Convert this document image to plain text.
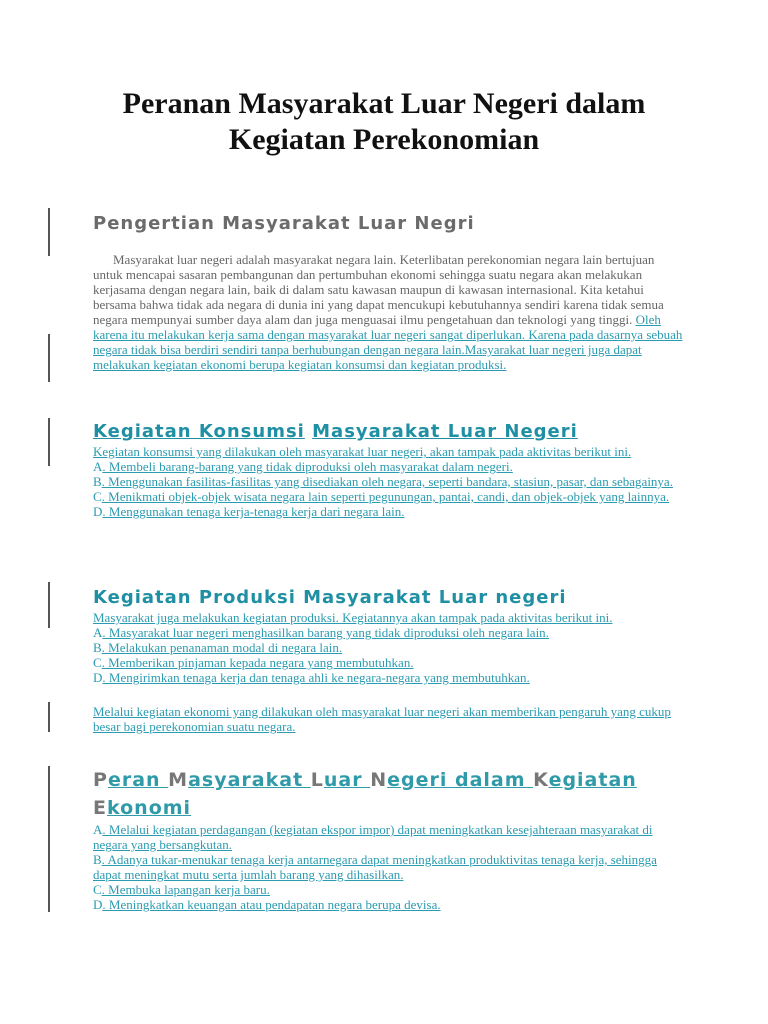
Peranan Masyarakat Luar Negeri dalam
Kegiatan Perekonomian
Pengertian Masyarakat Luar Negri

Masyarakat luar negeri adalah masyarakat negara lain. Keterlibatan perekonomian negara lain bertujuan untuk mencapai sasaran pembangunan dan pertumbuhan ekonomi sehingga suatu negara akan melakukan kerjasama dengan negara lain, baik di dalam satu kawasan maupun di kawasan internasional. Kita ketahui bersama bahwa tidak ada negara di dunia ini yang dapat mencukupi kebutuhannya sendiri karena tidak semua negara mempunyai sumber daya alam dan juga menguasai ilmu pengetahuan dan teknologi yang tinggi. Oleh karena itu melakukan kerja sama dengan masyarakat luar negeri sangat diperlukan. Karena pada dasarnya sebuah negara tidak bisa berdiri sendiri tanpa berhubungan dengan negara lain.Masyarakat luar negeri juga dapat melakukan kegiatan ekonomi berupa kegiatan konsumsi dan kegiatan produksi.

Kegiatan Konsumsi Masyarakat Luar Negeri

Kegiatan konsumsi yang dilakukan oleh masyarakat luar negeri, akan tampak pada aktivitas berikut ini.

A. Membeli barang-barang yang tidak diproduksi oleh masyarakat dalam negeri.

B. Menggunakan fasilitas-fasilitas yang disediakan oleh negara, seperti bandara, stasiun, pasar, dan sebagainya.

C. Menikmati objek-objek wisata negara lain seperti pegunungan, pantai, candi, dan objek-objek yang lainnya.

D. Menggunakan tenaga kerja-tenaga kerja dari negara lain.

Kegiatan Produksi Masyarakat Luar negeri

Masyarakat juga melakukan kegiatan produksi. Kegiatannya akan tampak pada aktivitas berikut ini.

A. Masyarakat luar negeri menghasilkan barang yang tidak diproduksi oleh negara lain.

B. Melakukan penanaman modal di negara lain.

C. Memberikan pinjaman kepada negara yang membutuhkan.

D. Mengirimkan tenaga kerja dan tenaga ahli ke negara-negara yang membutuhkan.

Melalui kegiatan ekonomi yang dilakukan oleh masyarakat luar negeri akan memberikan pengaruh yang cukup besar bagi perekonomian suatu negara.

Peran Masyarakat Luar Negeri dalam Kegiatan
Ekonomi

A. Melalui kegiatan perdagangan (kegiatan ekspor impor) dapat meningkatkan kesejahteraan masyarakat di negara yang bersangkutan.

B. Adanya tukar-menukar tenaga kerja antarnegara dapat meningkatkan produktivitas tenaga kerja, sehingga dapat meningkat mutu serta jumlah barang yang dihasilkan.

C. Membuka lapangan kerja baru.

D. Meningkatkan keuangan atau pendapatan negara berupa devisa.
